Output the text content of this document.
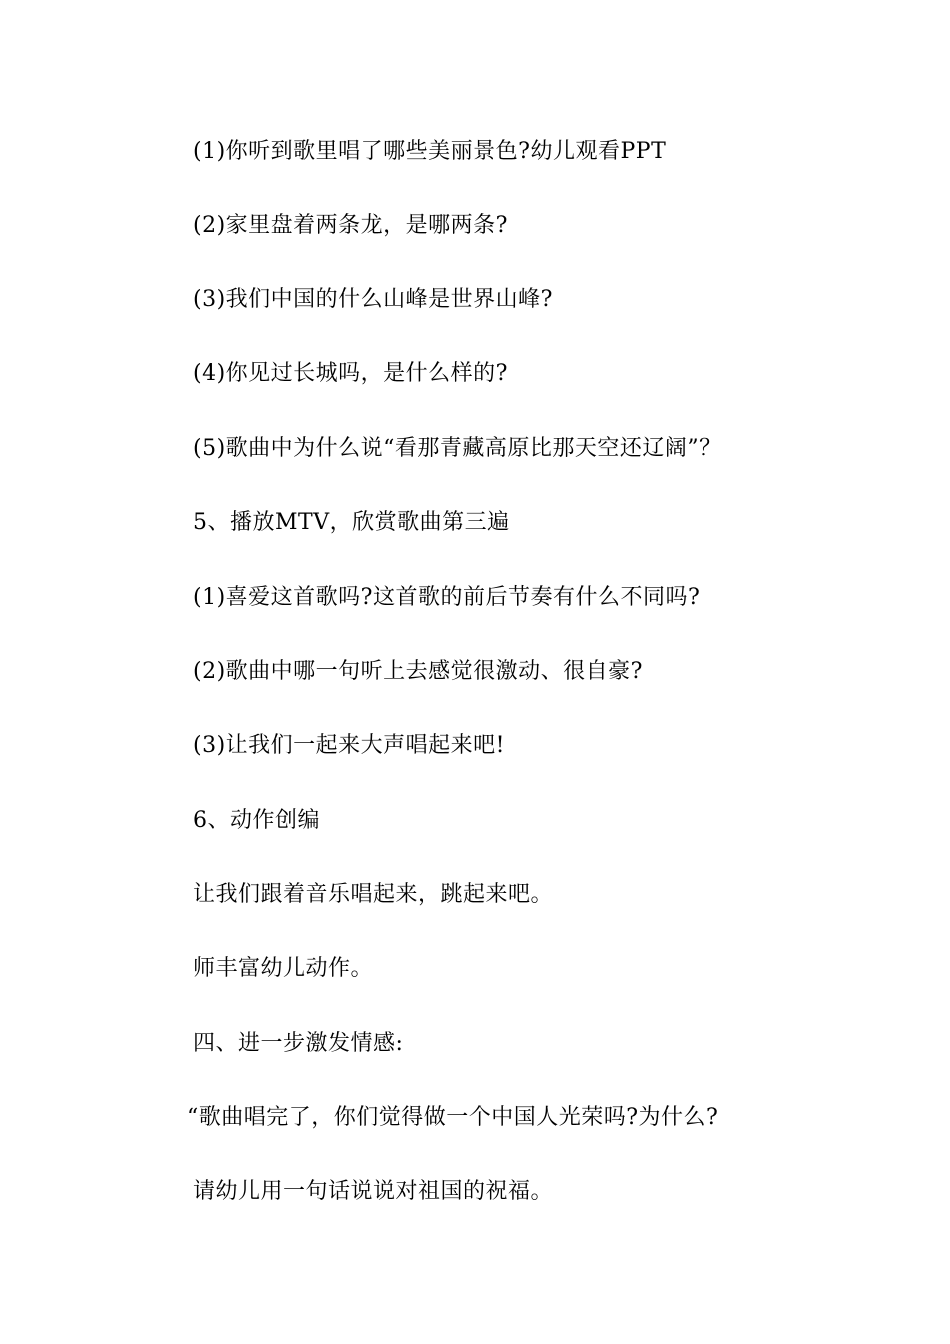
(1)你听到歌里唱了哪些美丽景色?幼儿观看PPT
(2)家里盘着两条龙，是哪两条?
(3)我们中国的什么山峰是世界山峰?
(4)你见过长城吗，是什么样的?
(5)歌曲中为什么说“看那青藏高原比那天空还辽阔”？
5、播放MTV，欣赏歌曲第三遍
(1)喜爱这首歌吗?这首歌的前后节奏有什么不同吗?
(2)歌曲中哪一句听上去感觉很激动、很自豪?
(3)让我们一起来大声唱起来吧!
6、动作创编
让我们跟着音乐唱起来，跳起来吧。
师丰富幼儿动作。
四、进一步激发情感:
“歌曲唱完了，你们觉得做一个中国人光荣吗?为什么?
请幼儿用一句话说说对祖国的祝福。
